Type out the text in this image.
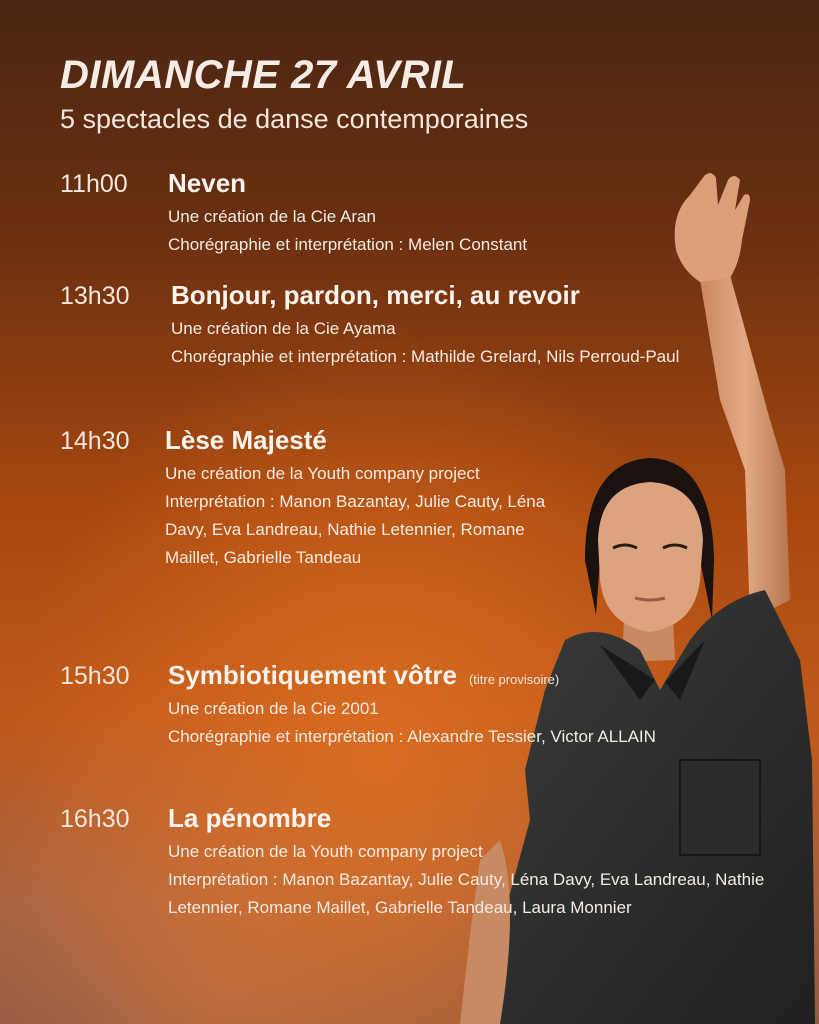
DIMANCHE 27 AVRIL
5 spectacles de danse contemporaines
11h00	Neven
Une création de la Cie Aran
Chorégraphie et interprétation : Melen Constant
13h30	Bonjour, pardon, merci, au revoir
Une création de la Cie Ayama
Chorégraphie et interprétation : Mathilde Grelard, Nils Perroud-Paul
14h30	Lèse Majesté
Une création de la Youth company project
Interprétation : Manon Bazantay, Julie Cauty, Léna Davy, Eva Landreau, Nathie Letennier, Romane Maillet, Gabrielle Tandeau
15h30	Symbiotiquement vôtre (titre provisoire)
Une création de la Cie 2001
Chorégraphie et interprétation : Alexandre Tessier, Victor ALLAIN
16h30	La pénombre
Une création de la Youth company project
Interprétation : Manon Bazantay, Julie Cauty, Léna Davy, Eva Landreau, Nathie Letennier, Romane Maillet, Gabrielle Tandeau, Laura Monnier
